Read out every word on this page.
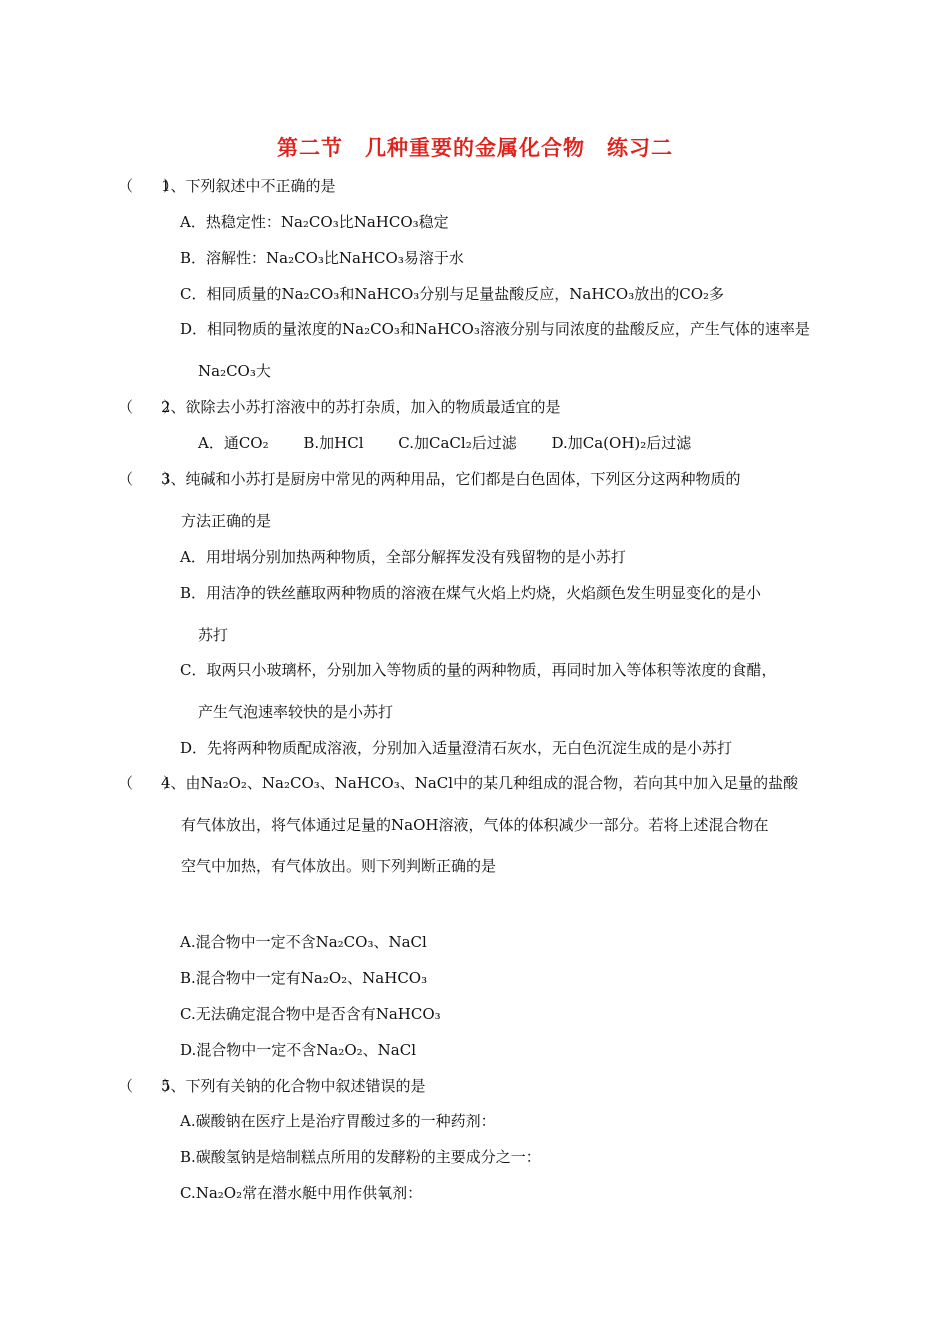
第二节　几种重要的金属化合物　练习二
（　　）
1、下列叙述中不正确的是
A．热稳定性：Na₂CO₃比NaHCO₃稳定
B．溶解性：Na₂CO₃比NaHCO₃易溶于水
C．相同质量的Na₂CO₃和NaHCO₃分别与足量盐酸反应，NaHCO₃放出的CO₂多
D．相同物质的量浓度的Na₂CO₃和NaHCO₃溶液分别与同浓度的盐酸反应，产生气体的速率是
Na₂CO₃大
（　　）
2、欲除去小苏打溶液中的苏打杂质，加入的物质最适宜的是
A．通CO₂　　 B.加HCl　　 C.加CaCl₂后过滤　　 D.加Ca(OH)₂后过滤
（　　）
3、纯碱和小苏打是厨房中常见的两种用品，它们都是白色固体，下列区分这两种物质的
方法正确的是
A．用坩埚分别加热两种物质，全部分解挥发没有残留物的是小苏打
B．用洁净的铁丝蘸取两种物质的溶液在煤气火焰上灼烧，火焰颜色发生明显变化的是小
苏打
C．取两只小玻璃杯，分别加入等物质的量的两种物质，再同时加入等体积等浓度的食醋，
产生气泡速率较快的是小苏打
D．先将两种物质配成溶液，分别加入适量澄清石灰水，无白色沉淀生成的是小苏打
（　　）
4、由Na₂O₂、Na₂CO₃、NaHCO₃、NaCl中的某几种组成的混合物，若向其中加入足量的盐酸
有气体放出，将气体通过足量的NaOH溶液，气体的体积减少一部分。若将上述混合物在
空气中加热，有气体放出。则下列判断正确的是
A.混合物中一定不含Na₂CO₃、NaCl
B.混合物中一定有Na₂O₂、NaHCO₃
C.无法确定混合物中是否含有NaHCO₃
D.混合物中一定不含Na₂O₂、NaCl
（　　）
5、下列有关钠的化合物中叙述错误的是
A.碳酸钠在医疗上是治疗胃酸过多的一种药剂：
B.碳酸氢钠是焙制糕点所用的发酵粉的主要成分之一：
C.Na₂O₂常在潜水艇中用作供氧剂：
